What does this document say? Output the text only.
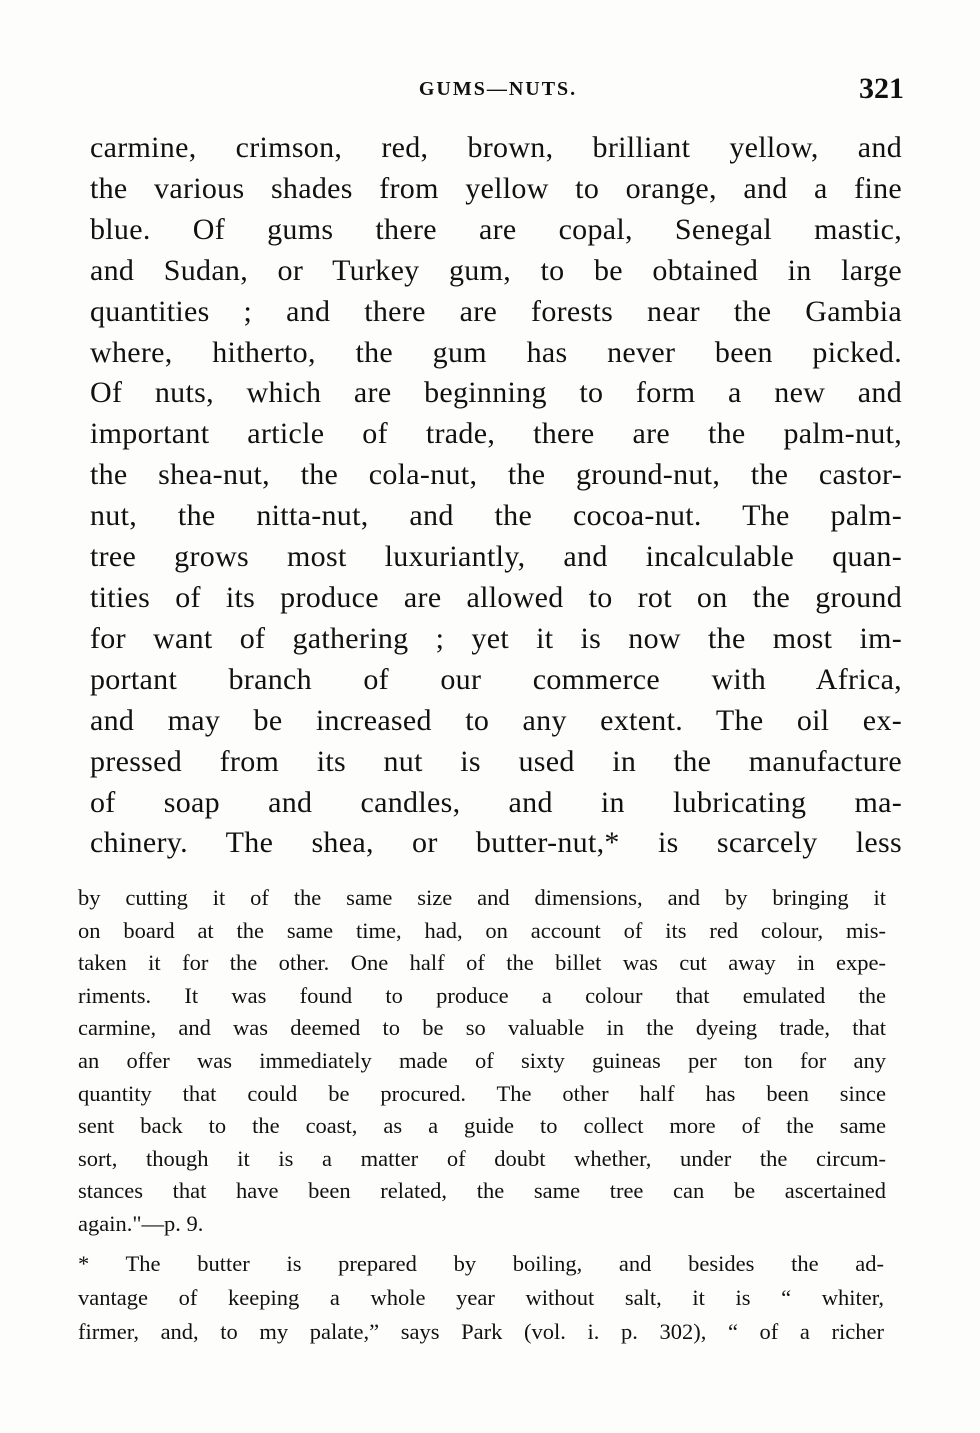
GUMS—NUTS.	321
carmine, crimson, red, brown, brilliant yellow, and
the various shades from yellow to orange, and a fine
blue. Of gums there are copal, Senegal mastic,
and Sudan, or Turkey gum, to be obtained in large
quantities ; and there are forests near the Gambia
where, hitherto, the gum has never been picked.
Of nuts, which are beginning to form a new and
important article of trade, there are the palm-nut,
the shea-nut, the cola-nut, the ground-nut, the castor-
nut, the nitta-nut, and the cocoa-nut. The palm-
tree grows most luxuriantly, and incalculable quan-
tities of its produce are allowed to rot on the ground
for want of gathering ; yet it is now the most im-
portant branch of our commerce with Africa,
and may be increased to any extent. The oil ex-
pressed from its nut is used in the manufacture
of soap and candles, and in lubricating ma-
chinery. The shea, or butter-nut,* is scarcely less
by cutting it of the same size and dimensions, and by bringing it
on board at the same time, had, on account of its red colour, mis-
taken it for the other. One half of the billet was cut away in expe-
riments. It was found to produce a colour that emulated the
carmine, and was deemed to be so valuable in the dyeing trade, that
an offer was immediately made of sixty guineas per ton for any
quantity that could be procured. The other half has been since
sent back to the coast, as a guide to collect more of the same
sort, though it is a matter of doubt whether, under the circum-
stances that have been related, the same tree can be ascertained
again."—p. 9.
* The butter is prepared by boiling, and besides the ad-
vantage of keeping a whole year without salt, it is “ whiter,
firmer, and, to my palate,” says Park (vol. i. p. 302), “ of a richer
